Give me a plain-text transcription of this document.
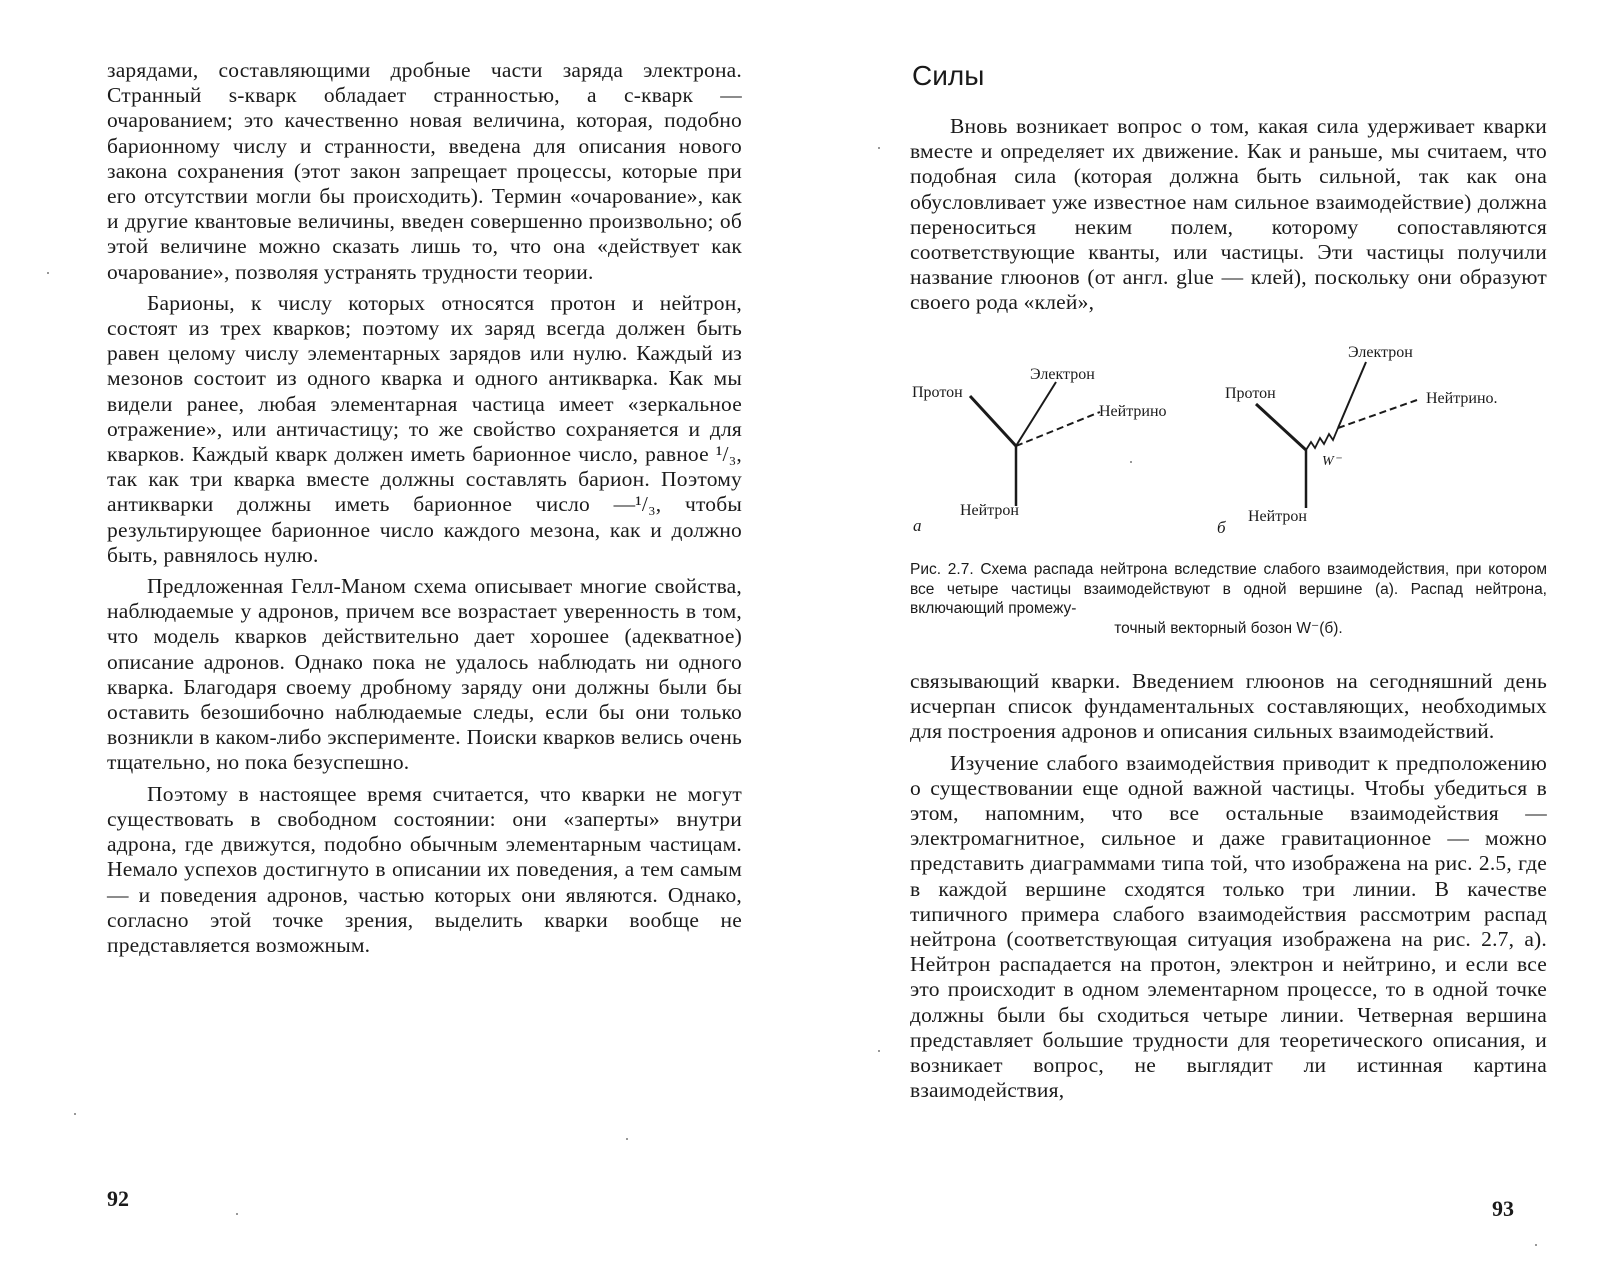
зарядами, составляющими дробные части заряда электрона. Странный s-кварк обладает странностью, а c-кварк — очарованием; это качественно новая величина, которая, подобно барионному числу и странности, введена для описания нового закона сохранения (этот закон запрещает процессы, которые при его отсутствии могли бы происходить). Термин «очарование», как и другие квантовые величины, введен совершенно произвольно; об этой величине можно сказать лишь то, что она «действует как очарование», позволяя устранять трудности теории.

Барионы, к числу которых относятся протон и нейтрон, состоят из трех кварков; поэтому их заряд всегда должен быть равен целому числу элементарных зарядов или нулю. Каждый из мезонов состоит из одного кварка и одного антикварка. Как мы видели ранее, любая элементарная частица имеет «зеркальное отражение», или античастицу; то же свойство сохраняется и для кварков. Каждый кварк должен иметь барионное число, равное ¹/₃, так как три кварка вместе должны составлять барион. Поэтому антикварки должны иметь барионное число —¹/₃, чтобы результирующее барионное число каждого мезона, как и должно быть, равнялось нулю.

Предложенная Гелл-Маном схема описывает многие свойства, наблюдаемые у адронов, причем все возрастает уверенность в том, что модель кварков действительно дает хорошее (адекватное) описание адронов. Однако пока не удалось наблюдать ни одного кварка. Благодаря своему дробному заряду они должны были бы оставить безошибочно наблюдаемые следы, если бы они только возникли в каком-либо эксперименте. Поиски кварков велись очень тщательно, но пока безуспешно.

Поэтому в настоящее время считается, что кварки не могут существовать в свободном состоянии: они «заперты» внутри адрона, где движутся, подобно обычным элементарным частицам. Немало успехов достигнуто в описании их поведения, а тем самым — и поведения адронов, частью которых они являются. Однако, согласно этой точке зрения, выделить кварки вообще не представляется возможным.

92
Силы

Вновь возникает вопрос о том, какая сила удерживает кварки вместе и определяет их движение. Как и раньше, мы считаем, что подобная сила (которая должна быть сильной, так как она обусловливает уже известное нам сильное взаимодействие) должна переноситься неким полем, которому сопоставляются соответствующие кванты, или частицы. Эти частицы получили название глюонов (от англ. glue — клей), поскольку они образуют своего рода «клей»,

Протон
Электрон
Нейтрино
Нейтрон
а
Протон
Электрон
Нейтрино.
Нейтрон
W⁻
б
Рис. 2.7. Схема распада нейтрона вследствие слабого взаимодействия, при котором все четыре частицы взаимодействуют в одной вершине (а). Распад нейтрона, включающий промежу-
точный векторный бозон W⁻(б).

связывающий кварки. Введением глюонов на сегодняшний день исчерпан список фундаментальных составляющих, необходимых для построения адронов и описания сильных взаимодействий.

Изучение слабого взаимодействия приводит к предположению о существовании еще одной важной частицы. Чтобы убедиться в этом, напомним, что все остальные взаимодействия — электромагнитное, сильное и даже гравитационное — можно представить диаграммами типа той, что изображена на рис. 2.5, где в каждой вершине сходятся только три линии. В качестве типичного примера слабого взаимодействия рассмотрим распад нейтрона (соответствующая ситуация изображена на рис. 2.7, а). Нейтрон распадается на протон, электрон и нейтрино, и если все это происходит в одном элементарном процессе, то в одной точке должны были бы сходиться четыре линии. Четверная вершина представляет большие трудности для теоретического описания, и возникает вопрос, не выглядит ли истинная картина взаимодействия,

93
